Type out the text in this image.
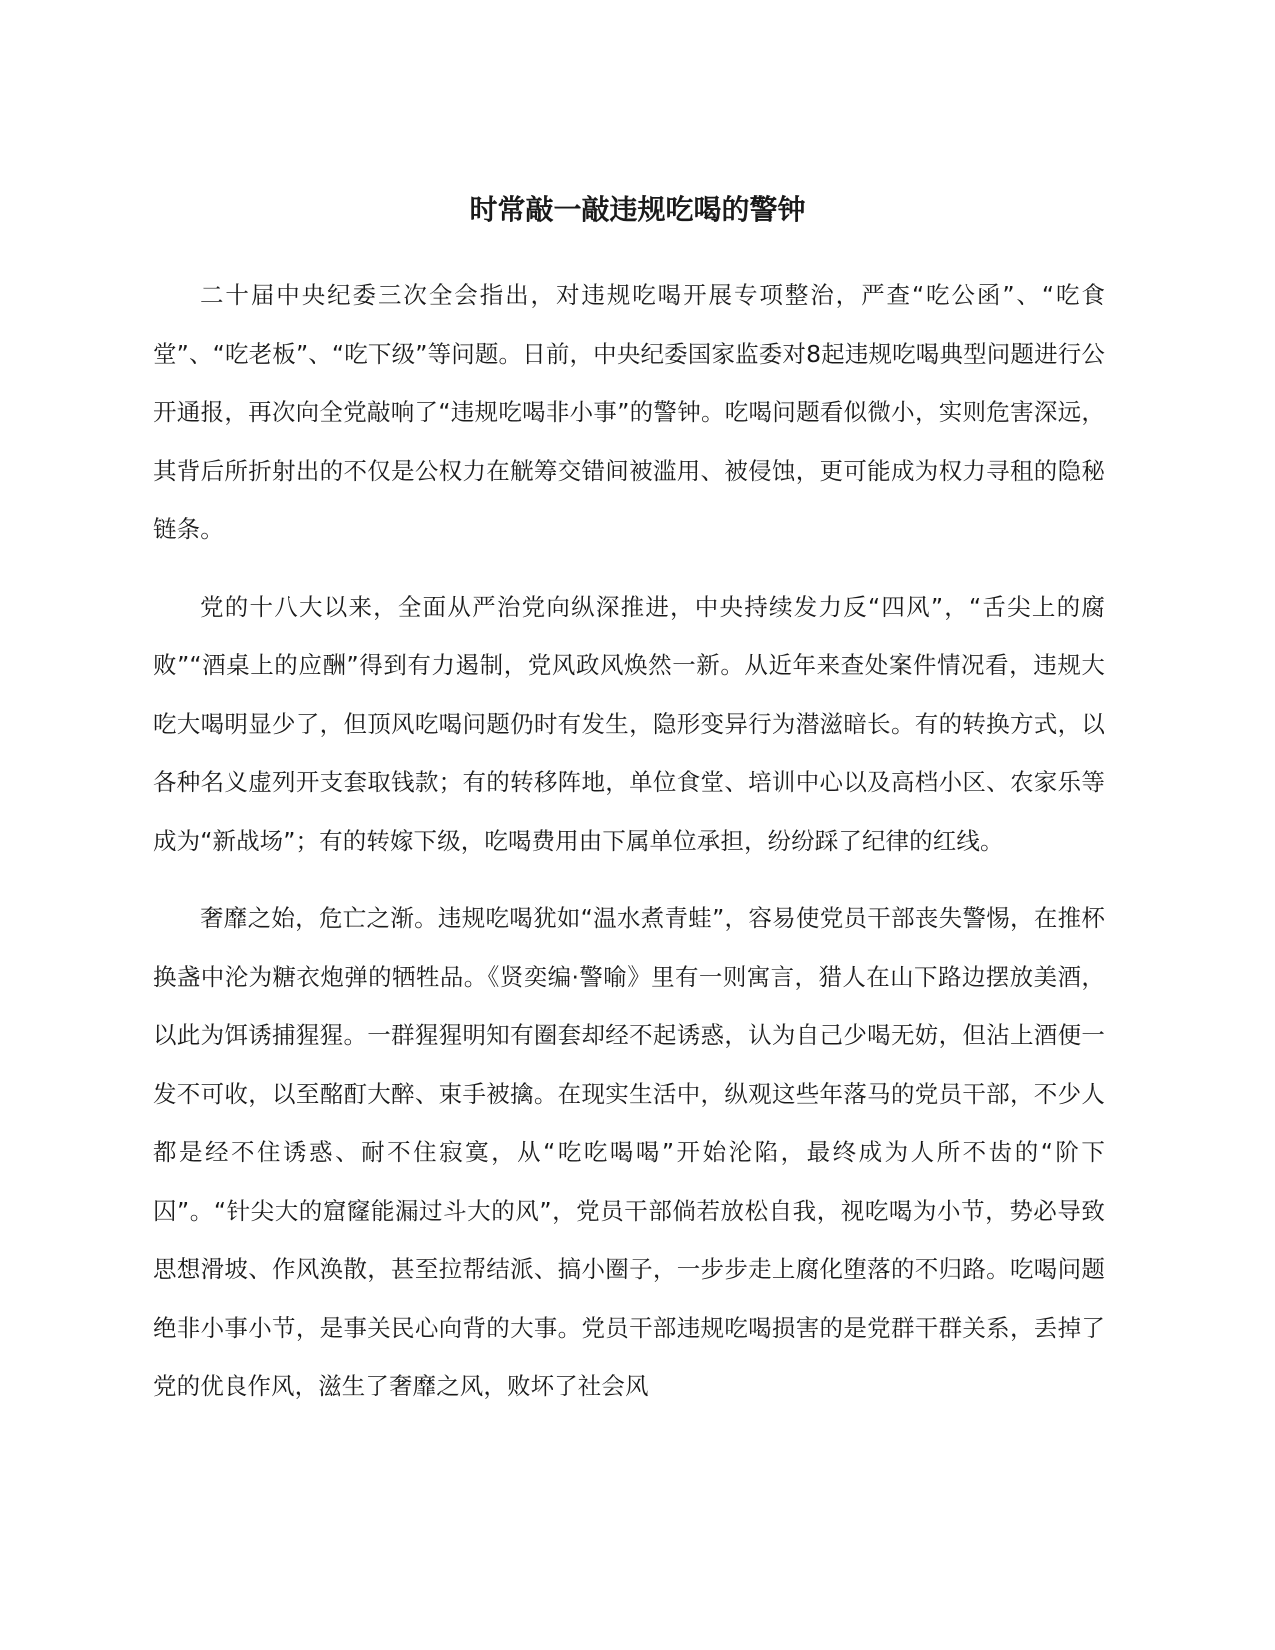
时常敲一敲违规吃喝的警钟

二十届中央纪委三次全会指出，对违规吃喝开展专项整治，严查“吃公函”、“吃食堂”、“吃老板”、“吃下级”等问题。日前，中央纪委国家监委对8起违规吃喝典型问题进行公开通报，再次向全党敲响了“违规吃喝非小事”的警钟。吃喝问题看似微小，实则危害深远，其背后所折射出的不仅是公权力在觥筹交错间被滥用、被侵蚀，更可能成为权力寻租的隐秘链条。

党的十八大以来，全面从严治党向纵深推进，中央持续发力反“四风”，“舌尖上的腐败”“酒桌上的应酬”得到有力遏制，党风政风焕然一新。从近年来查处案件情况看，违规大吃大喝明显少了，但顶风吃喝问题仍时有发生，隐形变异行为潜滋暗长。有的转换方式，以各种名义虚列开支套取钱款；有的转移阵地，单位食堂、培训中心以及高档小区、农家乐等成为“新战场”；有的转嫁下级，吃喝费用由下属单位承担，纷纷踩了纪律的红线。

奢靡之始，危亡之渐。违规吃喝犹如“温水煮青蛙”，容易使党员干部丧失警惕，在推杯换盏中沦为糖衣炮弹的牺牲品。《贤奕编·警喻》里有一则寓言，猎人在山下路边摆放美酒，以此为饵诱捕猩猩。一群猩猩明知有圈套却经不起诱惑，认为自己少喝无妨，但沾上酒便一发不可收，以至酩酊大醉、束手被擒。在现实生活中，纵观这些年落马的党员干部，不少人都是经不住诱惑、耐不住寂寞，从“吃吃喝喝”开始沦陷，最终成为人所不齿的“阶下囚”。“针尖大的窟窿能漏过斗大的风”，党员干部倘若放松自我，视吃喝为小节，势必导致思想滑坡、作风涣散，甚至拉帮结派、搞小圈子，一步步走上腐化堕落的不归路。吃喝问题绝非小事小节，是事关民心向背的大事。党员干部违规吃喝损害的是党群干群关系，丢掉了党的优良作风，滋生了奢靡之风，败坏了社会风
